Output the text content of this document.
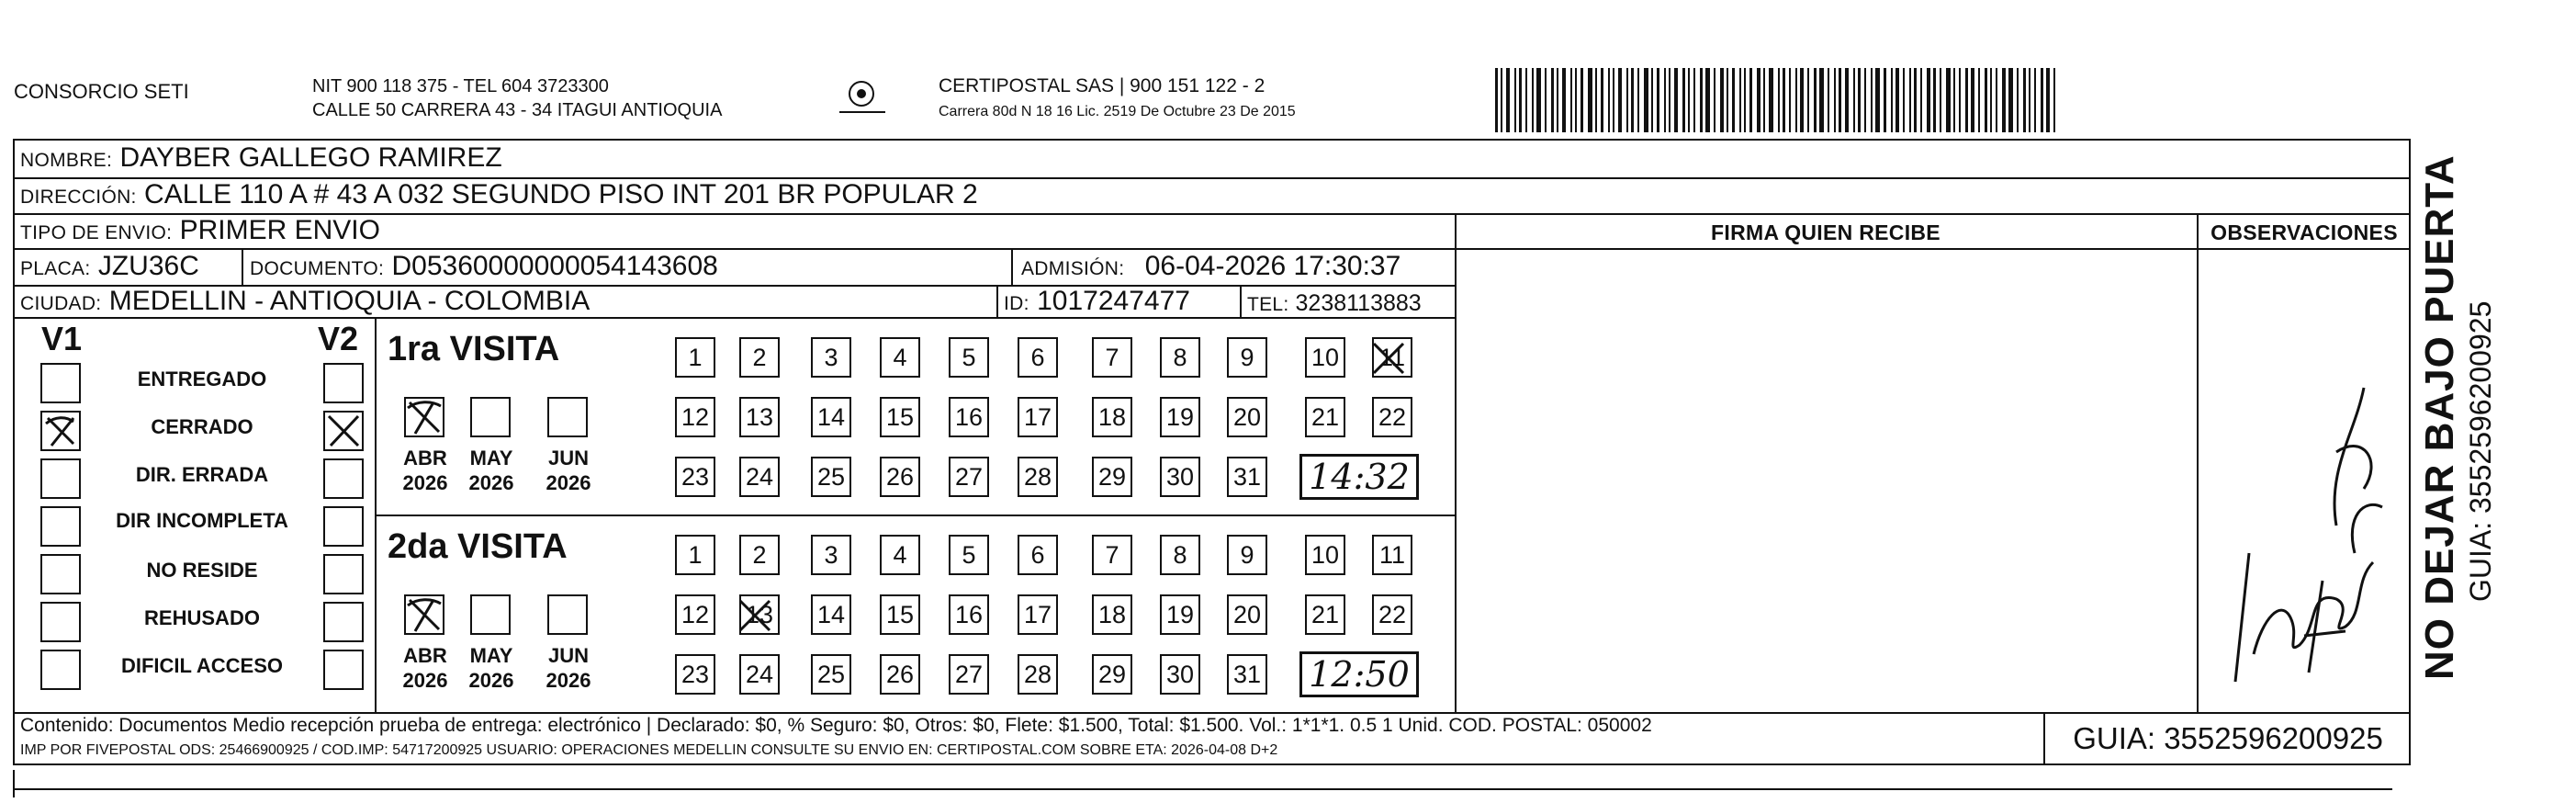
CONSORCIO SETI	NIT 900 118 375 - TEL 604 3723300
CALLE 50 CARRERA 43 - 34 ITAGUI ANTIOQUIA
CERTIPOSTAL SAS | 900 151 122 - 2
Carrera 80d N 18 16 Lic. 2519 De Octubre 23 De 2015
NOMBRE: DAYBER GALLEGO RAMIREZ
DIRECCIÓN: CALLE 110 A # 43 A 032 SEGUNDO PISO INT 201 BR POPULAR 2
TIPO DE ENVIO: PRIMER ENVIO	FIRMA QUIEN RECIBE	OBSERVACIONES
PLACA: JZU36C	DOCUMENTO: D05360000000054143608	ADMISIÓN: 06-04-2026 17:30:37
CIUDAD: MEDELLIN - ANTIOQUIA - COLOMBIA	ID: 1017247477	TEL: 3238113883
V1	V2
ENTREGADO
CERRADO
DIR. ERRADA
DIR INCOMPLETA
NO RESIDE
REHUSADO
DIFICIL ACCESO
1ra VISITA
ABR
2026
MAY
2026
JUN
2026
1	2	3	4	5	6	7	8	9	10 11
12 13 14 15 16 17 18 19 20 21 22
23 24 25 26 27 28 29 30 31 14:32
2da VISITA
ABR
2026
MAY
2026
JUN
2026
1	2	3	4	5	6	7	8	9	10 11
12 13 14 15 16 17 18 19 20 21 22
23 24 25 26 27 28 29 30 31 12:50
Inegro / F Blanco
Contenido: Documentos Medio recepción prueba de entrega: electrónico | Declarado: $0, % Seguro: $0, Otros: $0, Flete: $1.500, Total: $1.500. Vol.: 1*1*1. 0.5 1 Unid. COD. POSTAL: 050002
IMP POR FIVEPOSTAL ODS: 25466900925 / COD.IMP: 54717200925 USUARIO: OPERACIONES MEDELLIN CONSULTE SU ENVIO EN: CERTIPOSTAL.COM SOBRE ETA: 2026-04-08 D+2	GUIA: 3552596200925
NO DEJAR BAJO PUERTA GUIA: 3552596200925
